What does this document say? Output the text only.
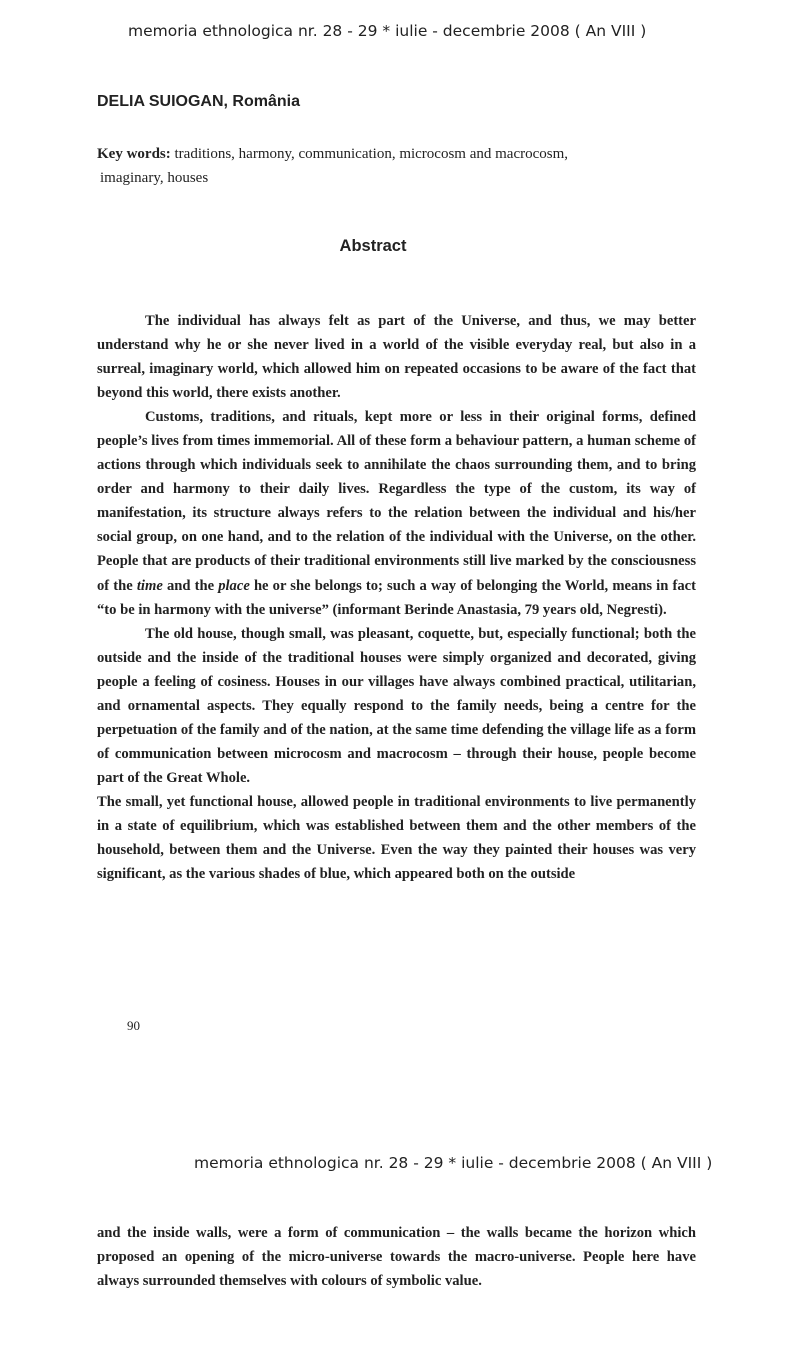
memoria ethnologica nr. 28 - 29 * iulie - decembrie 2008 ( An VIII )
DELIA SUIOGAN, România
Key words: traditions, harmony, communication, microcosm and macrocosm,
imaginary, houses
Abstract

The individual has always felt as part of the Universe, and thus, we may better understand why he or she never lived in a world of the visible everyday real, but also in a surreal, imaginary world, which allowed him on repeated occasions to be aware of the fact that beyond this world, there exists another.

Customs, traditions, and rituals, kept more or less in their original forms, defined people’s lives from times immemorial. All of these form a behaviour pattern, a human scheme of actions through which individuals seek to annihilate the chaos surrounding them, and to bring order and harmony to their daily lives. Regardless the type of the custom, its way of manifestation, its structure always refers to the relation between the individual and his/her social group, on one hand, and to the relation of the individual with the Universe, on the other. People that are products of their traditional environments still live marked by the consciousness of the time and the place he or she belongs to; such a way of belonging the World, means in fact “to be in harmony with the universe” (informant Berinde Anastasia, 79 years old, Negresti).

The old house, though small, was pleasant, coquette, but, especially functional; both the outside and the inside of the traditional houses were simply organized and decorated, giving people a feeling of cosiness. Houses in our villages have always combined practical, utilitarian, and ornamental aspects. They equally respond to the family needs, being a centre for the perpetuation of the family and of the nation, at the same time defending the village life as a form of communication between microcosm and macrocosm – through their house, people become part of the Great Whole.

The small, yet functional house, allowed people in traditional environments to live permanently in a state of equilibrium, which was established between them and the other members of the household, between them and the Universe. Even the way they painted their houses was very significant, as the various shades of blue, which appeared both on the outside

90
memoria ethnologica nr. 28 - 29 * iulie - decembrie 2008 ( An VIII )

and the inside walls, were a form of communication – the walls became the horizon which proposed an opening of the micro-universe towards the macro-universe. People here have always surrounded themselves with colours of symbolic value.
